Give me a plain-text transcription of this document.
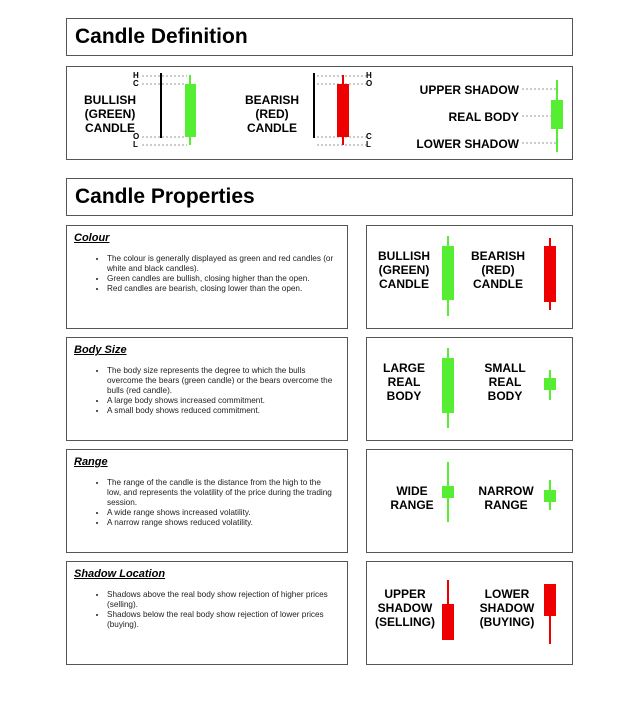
Candle Definition
BULLISH
(GREEN)
CANDLE
BEARISH
(RED)
CANDLE
H
C
O
L
H
O
C
L
UPPER SHADOW
REAL BODY
LOWER SHADOW
Candle Properties
Colour
• The colour is generally displayed as green and red candles (or white and black candles).
• Green candles are bullish, closing higher than the open.
• Red candles are bearish, closing lower than the open.
BULLISH
(GREEN)
CANDLE
BEARISH
(RED)
CANDLE
Body Size
• The body size represents the degree to which the bulls overcome the bears (green candle) or the bears overcome the bulls (red candle).
• A large body shows increased commitment.
• A small body shows reduced commitment.
LARGE
REAL
BODY
SMALL
REAL
BODY
Range
• The range of the candle is the distance from the high to the low, and represents the volatility of the price during the trading session.
• A wide range shows increased volatility.
• A narrow range shows reduced volatility.
WIDE
RANGE
NARROW
RANGE
Shadow Location
• Shadows above the real body show rejection of higher prices (selling).
• Shadows below the real body show rejection of lower prices (buying).
UPPER
SHADOW
(SELLING)
LOWER
SHADOW
(BUYING)
